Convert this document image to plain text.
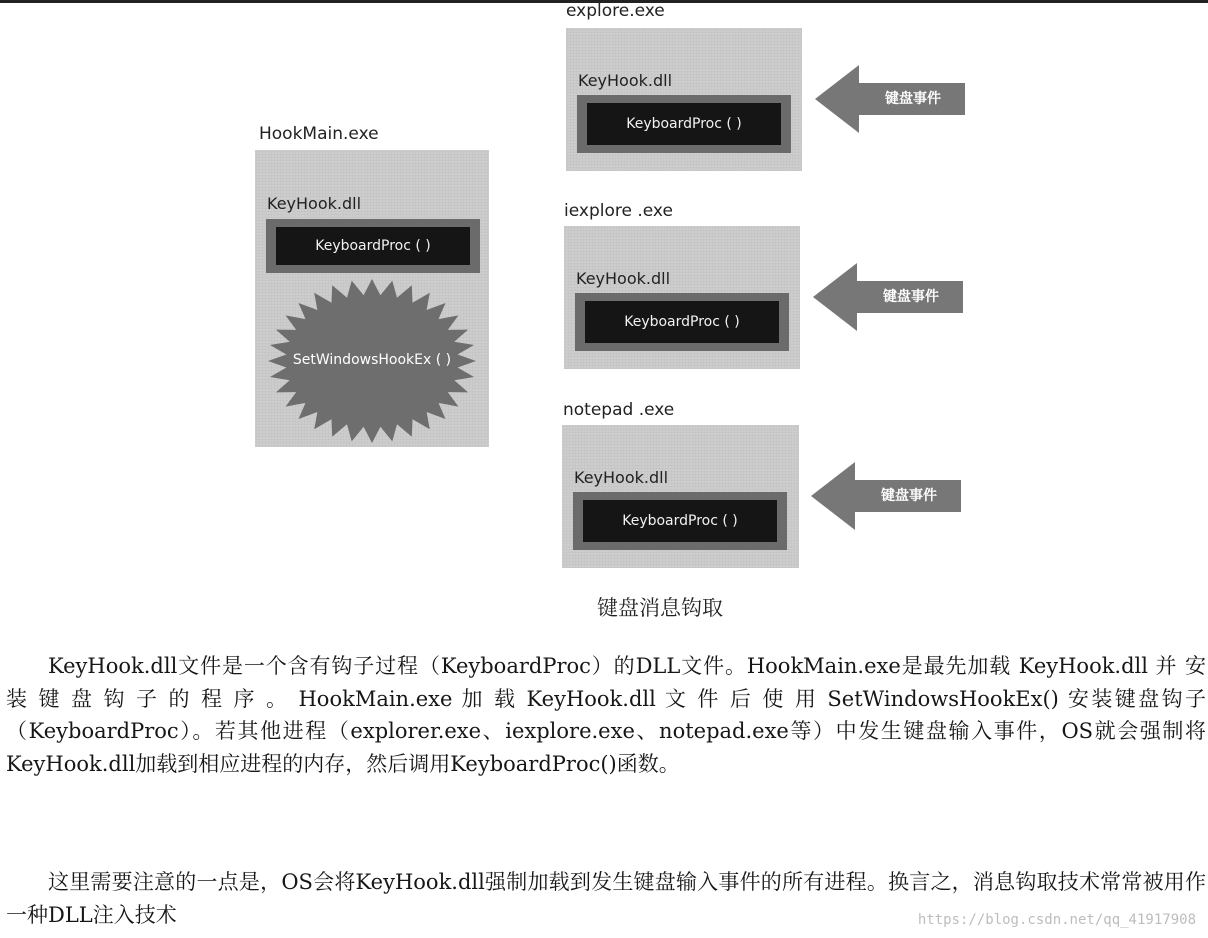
HookMain.exe
KeyHook.dll
KeyboardProc ( )
SetWindowsHookEx ( )
explore.exe
KeyHook.dll
KeyboardProc ( )
键盘事件
iexplore .exe
KeyHook.dll
KeyboardProc ( )
键盘事件
notepad .exe
KeyHook.dll
KeyboardProc ( )
键盘事件
键盘消息钩取

KeyHook.dll文件是一个含有钩子过程（KeyboardProc）的DLL文件。HookMain.exe是最先加载 KeyHook.dll 并 安 装 键 盘 钩 子 的 程 序 。 HookMain.exe 加 载 KeyHook.dll 文 件 后 使 用 SetWindowsHookEx() 安装键盘钩子（KeyboardProc）。若其他进程（explorer.exe、iexplore.exe、notepad.exe等）中发生键盘输入事件，OS就会强制将KeyHook.dll加载到相应进程的内存，然后调用KeyboardProc()函数。

这里需要注意的一点是，OS会将KeyHook.dll强制加载到发生键盘输入事件的所有进程。换言之，消息钩取技术常常被用作一种DLL注入技术	https://blog.csdn.net/qq_41917908
